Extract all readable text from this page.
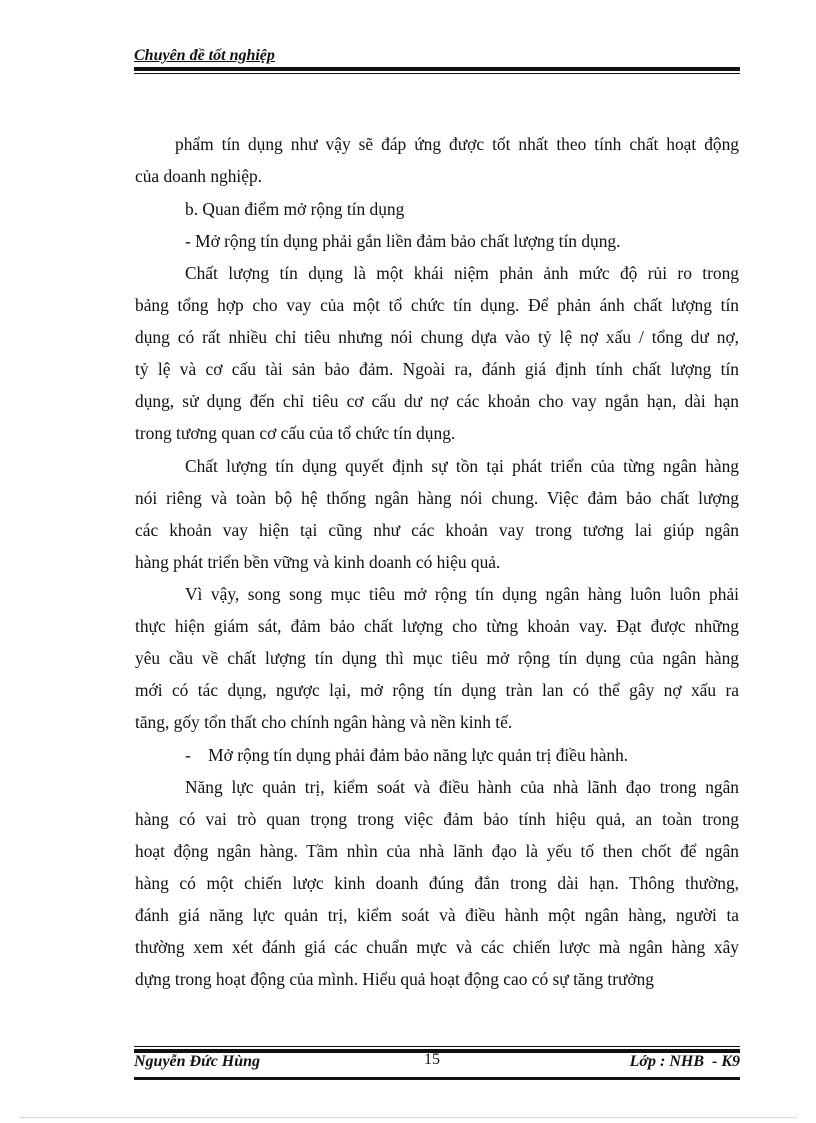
Chuyên đề tốt nghiệp
phẩm tín dụng như vậy sẽ đáp ứng được tốt nhất theo tính chất hoạt động
của doanh nghiệp.
b. Quan điểm mở rộng tín dụng
- Mở rộng tín dụng phải gắn liền đảm bảo chất lượng tín dụng.
Chất lượng tín dụng là một khái niệm phản ảnh mức độ rủi ro trong
bảng tổng hợp cho vay của một tổ chức tín dụng. Để phản ánh chất lượng tín
dụng có rất nhiều chỉ tiêu nhưng nói chung dựa vào tỷ lệ nợ xấu / tổng dư nợ,
tỷ lệ và cơ cấu tài sản bảo đảm. Ngoài ra, đánh giá định tính chất lượng tín
dụng, sử dụng đến chỉ tiêu cơ cấu dư nợ các khoản cho vay ngắn hạn, dài hạn
trong tương quan cơ cấu của tổ chức tín dụng.
Chất lượng tín dụng quyết định sự tồn tại phát triển của từng ngân hàng
nói riêng và toàn bộ hệ thống ngân hàng nói chung. Việc đảm bảo chất lượng
các khoản vay hiện tại cũng như các khoản vay trong tương lai giúp ngân
hàng phát triển bền vững và kinh doanh có hiệu quả.
Vì vậy, song song mục tiêu mở rộng tín dụng ngân hàng luôn luôn phải
thực hiện giám sát, đảm bảo chất lượng cho từng khoản vay. Đạt được những
yêu cầu về chất lượng tín dụng thì mục tiêu mở rộng tín dụng của ngân hàng
mới có tác dụng, ngược lại, mở rộng tín dụng tràn lan có thể gây nợ xấu ra
tăng, gốy tổn thất cho chính ngân hàng và nền kinh tế.
-    Mở rộng tín dụng phải đảm bảo năng lực quản trị điều hành.
Năng lực quản trị, kiểm soát và điều hành của nhà lãnh đạo trong ngân
hàng có vai trò quan trọng trong việc đảm bảo tính hiệu quả, an toàn trong
hoạt động ngân hàng. Tầm nhìn của nhà lãnh đạo là yếu tố then chốt để ngân
hàng có một chiến lược kinh doanh đúng đắn trong dài hạn. Thông thường,
đánh giá năng lực quản trị, kiểm soát và điều hành một ngân hàng, người ta
thường xem xét đánh giá các chuẩn mực và các chiến lược mà ngân hàng xây
dựng trong hoạt động của mình. Hiểu quả hoạt động cao có sự tăng trưởng
Nguyễn Đức Hùng	15	Lớp : NHB  - K9
